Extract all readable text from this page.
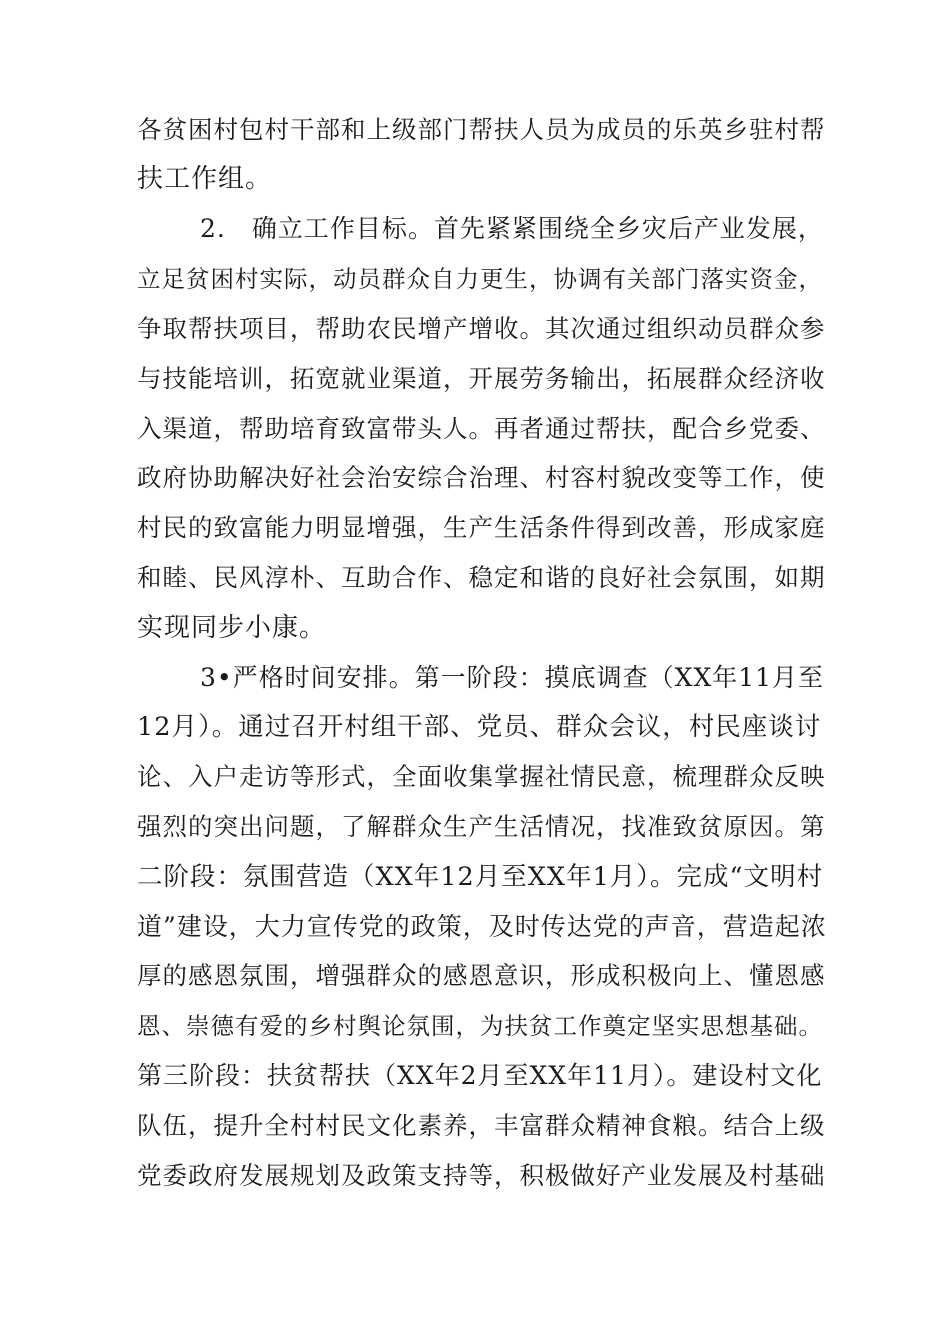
各贫困村包村干部和上级部门帮扶人员为成员的乐英乡驻村帮
扶工作组。
2.　确立工作目标。首先紧紧围绕全乡灾后产业发展，
立足贫困村实际，动员群众自力更生，协调有关部门落实资金，
争取帮扶项目，帮助农民增产增收。其次通过组织动员群众参
与技能培训，拓宽就业渠道，开展劳务输出，拓展群众经济收
入渠道，帮助培育致富带头人。再者通过帮扶，配合乡党委、
政府协助解决好社会治安综合治理、村容村貌改变等工作，使
村民的致富能力明显增强，生产生活条件得到改善，形成家庭
和睦、民风淳朴、互助合作、稳定和谐的良好社会氛围，如期
实现同步小康。
3•严格时间安排。第一阶段：摸底调查（XX年11月至
12月）。通过召开村组干部、党员、群众会议，村民座谈讨
论、入户走访等形式，全面收集掌握社情民意，梳理群众反映
强烈的突出问题，了解群众生产生活情况，找准致贫原因。第
二阶段：氛围营造（XX年12月至XX年1月）。完成“文明村
道”建设，大力宣传党的政策，及时传达党的声音，营造起浓
厚的感恩氛围，增强群众的感恩意识，形成积极向上、懂恩感
恩、崇德有爱的乡村舆论氛围，为扶贫工作奠定坚实思想基础。
第三阶段：扶贫帮扶（XX年2月至XX年11月）。建设村文化
队伍，提升全村村民文化素养，丰富群众精神食粮。结合上级
党委政府发展规划及政策支持等，积极做好产业发展及村基础
